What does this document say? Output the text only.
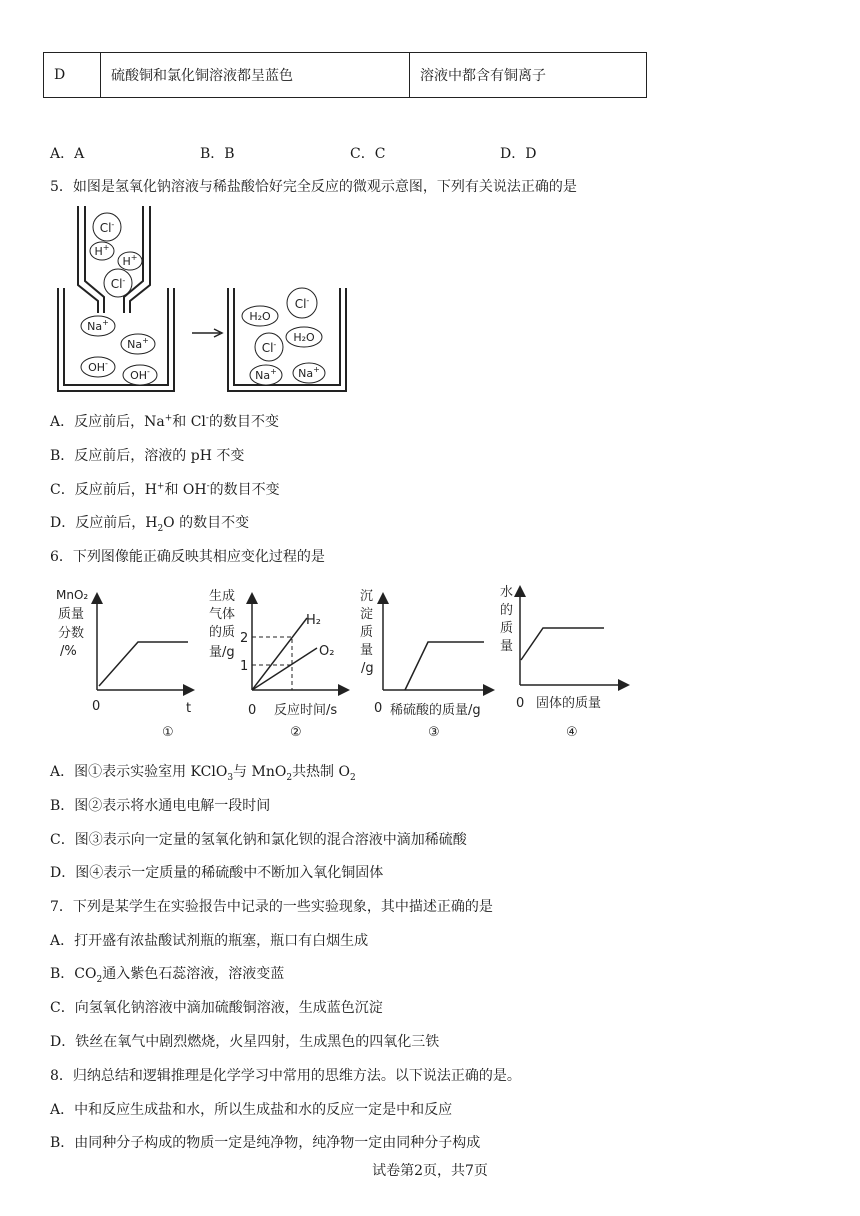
D	硫酸铜和氯化铜溶液都呈蓝色	溶液中都含有铜离子
A．A	B．B	C．C	D．D
5．如图是氢氧化钠溶液与稀盐酸恰好完全反应的微观示意图，下列有关说法正确的是
Cl-
H+
H+
Cl-
Na+
Na+
OH-
OH-
H₂O
Cl-
H₂O
Cl-
Na+ Na+
A．反应前后，Na+和 Cl-的数目不变
B．反应前后，溶液的 pH 不变
C．反应前后，H+和 OH-的数目不变
D．反应前后，$H_2O$ 的数目不变
6．下列图像能正确反映其相应变化过程的是
MnO₂
质量
分数
/%
0	t
①
生成
气体
的质
量/g
2
1
H₂
O₂
0 反应时间/s
②
沉
淀
质
量
/g
0 稀硫酸的质量/g
③
水
的
质
量
0 固体的质量
④
A．图①表示实验室用 KClO$_3$与 MnO$_2$共热制 $O_2$
B．图②表示将水通电电解一段时间
C．图③表示向一定量的氢氧化钠和氯化钡的混合溶液中滴加稀硫酸
D．图④表示一定质量的稀硫酸中不断加入氧化铜固体
7．下列是某学生在实验报告中记录的一些实验现象，其中描述正确的是
A．打开盛有浓盐酸试剂瓶的瓶塞，瓶口有白烟生成
B．$CO_2$通入紫色石蕊溶液，溶液变蓝
C．向氢氧化钠溶液中滴加硫酸铜溶液，生成蓝色沉淀
D．铁丝在氧气中剧烈燃烧，火星四射，生成黑色的四氧化三铁
8．归纳总结和逻辑推理是化学学习中常用的思维方法。以下说法正确的是。
A．中和反应生成盐和水，所以生成盐和水的反应一定是中和反应
B．由同种分子构成的物质一定是纯净物，纯净物一定由同种分子构成
试卷第2页，共7页
